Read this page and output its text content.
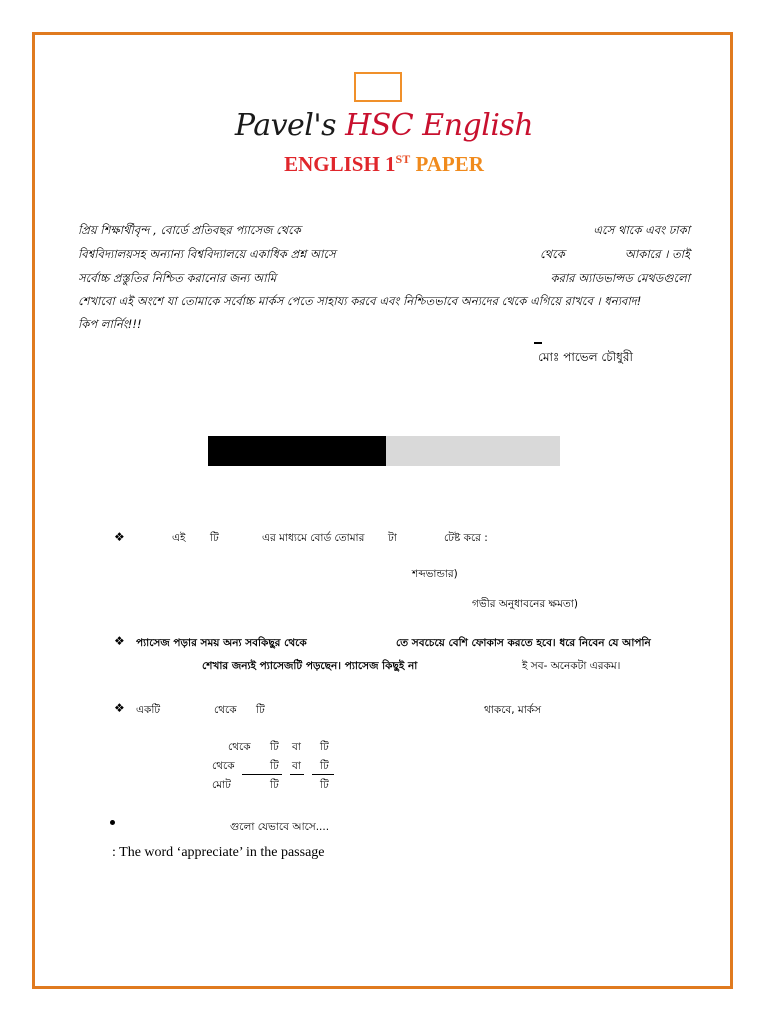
Pavel's HSC English
ENGLISH 1ST PAPER
প্রিয় শিক্ষার্থীবৃন্দ , বোর্ডে প্রতিবছর প্যাসেজ থেকে	এসে থাকে এবং ঢাকা
বিশ্ববিদ্যালয়সহ অন্যান্য বিশ্ববিদ্যালয়ে একাধিক প্রশ্ন আসে	থেকে	আকারে । তাই
সর্বোচ্চ প্রস্তুতির নিশ্চিত করানোর জন্য আমি	করার অ্যাডভান্সড মেথডগুলো
শেখাবো এই অংশে যা তোমাকে সর্বোচ্চ মার্কস পেতে সাহায্য করবে এবং নিশ্চিতভাবে অন্যদের থেকে এগিয়ে রাখবে । ধন্যবাদ!
কিপ লার্নিং!!!
মোঃ পাভেল চৌধুরী
❖	এই টি	এর মাধ্যমে বোর্ড তোমার টা	টেষ্ট করে :
শব্দভান্ডার)
গভীর অনুধাবনের ক্ষমতা)
❖ প্যাসেজ পড়ার সময় অন্য সবকিছুর থেকে	তে সবচেয়ে বেশি ফোকাস করতে হবে। ধরে নিবেন যে আপনি
শেখার জন্যই প্যাসেজটি পড়ছেন। প্যাসেজ কিছুই না	ই সব- অনেকটা এরকম।
❖ একটি	থেকে টি	থাকবে, মার্কস
থেকে টি বা টি
থেকে	টি বা টি
মোট	টি	টি
গুলো যেভাবে আসে....
: The word ‘appreciate’ in the passage
